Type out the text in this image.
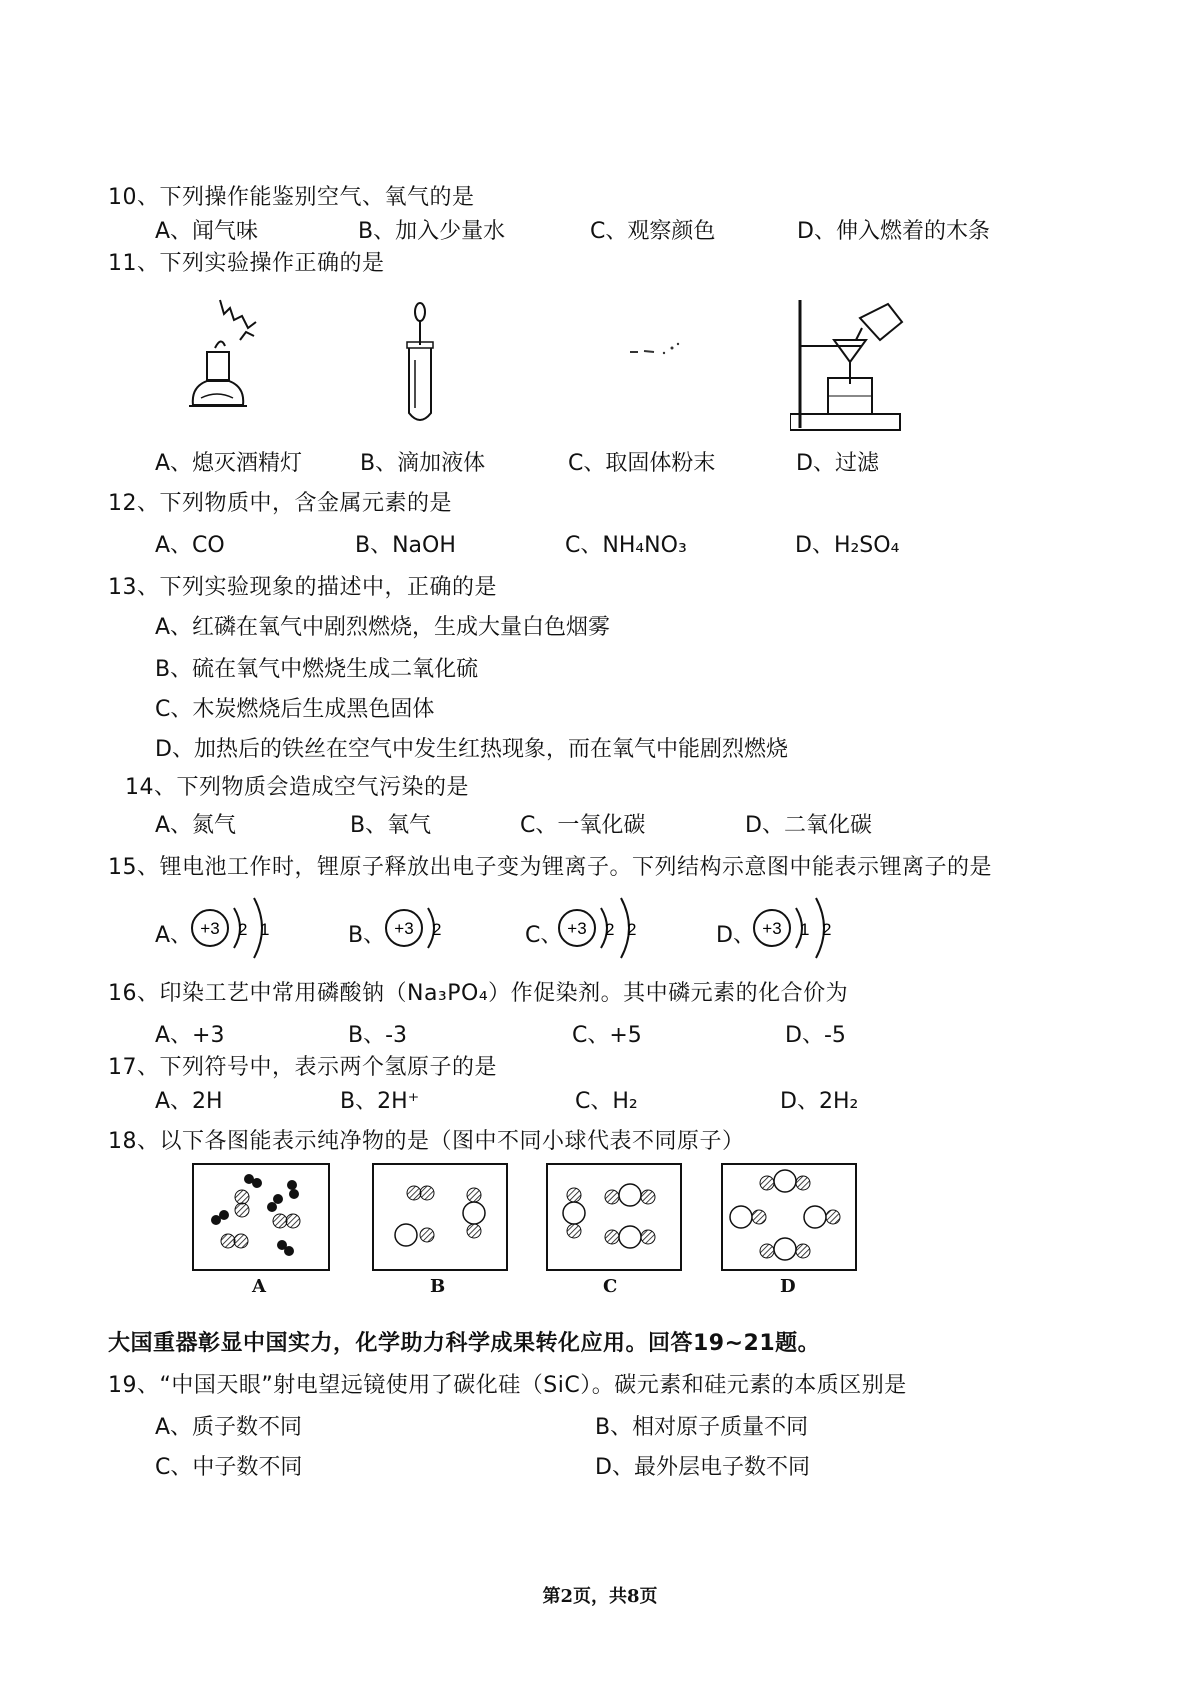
10、下列操作能鉴别空气、氧气的是
A、闻气味	B、加入少量水	C、观察颜色	D、伸入燃着的木条
11、下列实验操作正确的是
A、熄灭酒精灯	B、滴加液体	C、取固体粉末	D、过滤
12、下列物质中，含金属元素的是
A、CO	B、NaOH	C、NH₄NO₃	D、H₂SO₄
13、下列实验现象的描述中，正确的是
A、红磷在氧气中剧烈燃烧，生成大量白色烟雾
B、硫在氧气中燃烧生成二氧化硫
C、木炭燃烧后生成黑色固体
D、加热后的铁丝在空气中发生红热现象，而在氧气中能剧烈燃烧
14、下列物质会造成空气污染的是
A、氮气	B、氧气	C、一氧化碳	D、二氧化碳
15、锂电池工作时，锂原子释放出电子变为锂离子。下列结构示意图中能表示锂离子的是
A、 +3 2 1	B、 +3 2	C、 +3 2 2	D、 +3 1 2
16、印染工艺中常用磷酸钠（Na₃PO₄）作促染剂。其中磷元素的化合价为
A、+3	B、-3	C、+5	D、-5
17、下列符号中，表示两个氢原子的是
A、2H	B、2H⁺	C、H₂	D、2H₂
18、以下各图能表示纯净物的是（图中不同小球代表不同原子）
A	B	C	D
大国重器彰显中国实力，化学助力科学成果转化应用。回答19~21题。
19、“中国天眼”射电望远镜使用了碳化硅（SiC）。碳元素和硅元素的本质区别是
A、质子数不同	B、相对原子质量不同
C、中子数不同	D、最外层电子数不同
第2页，共8页
